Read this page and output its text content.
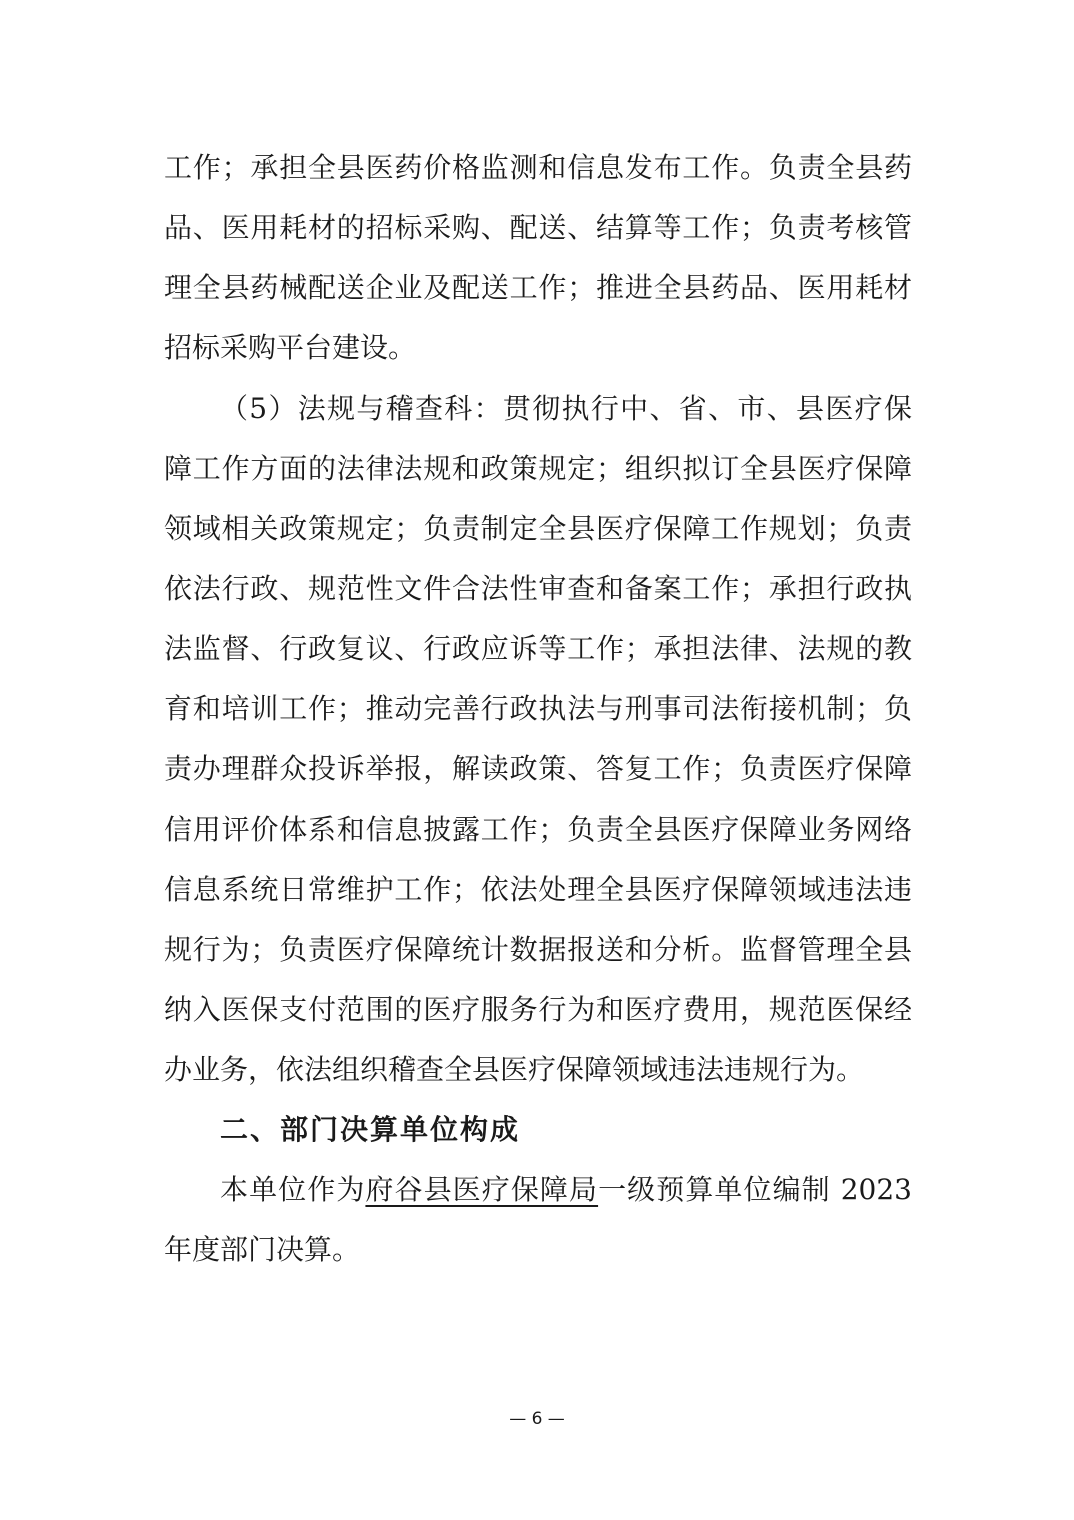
工作；承担全县医药价格监测和信息发布工作。负责全县药
品、医用耗材的招标采购、配送、结算等工作；负责考核管
理全县药械配送企业及配送工作；推进全县药品、医用耗材
招标采购平台建设。
（5）法规与稽查科：贯彻执行中、省、市、县医疗保
障工作方面的法律法规和政策规定；组织拟订全县医疗保障
领域相关政策规定；负责制定全县医疗保障工作规划；负责
依法行政、规范性文件合法性审查和备案工作；承担行政执
法监督、行政复议、行政应诉等工作；承担法律、法规的教
育和培训工作；推动完善行政执法与刑事司法衔接机制；负
责办理群众投诉举报，解读政策、答复工作；负责医疗保障
信用评价体系和信息披露工作；负责全县医疗保障业务网络
信息系统日常维护工作；依法处理全县医疗保障领域违法违
规行为；负责医疗保障统计数据报送和分析。监督管理全县
纳入医保支付范围的医疗服务行为和医疗费用，规范医保经
办业务，依法组织稽查全县医疗保障领域违法违规行为。
二、部门决算单位构成
本单位作为府谷县医疗保障局一级预算单位编制 2023
年度部门决算。
— 6 —
